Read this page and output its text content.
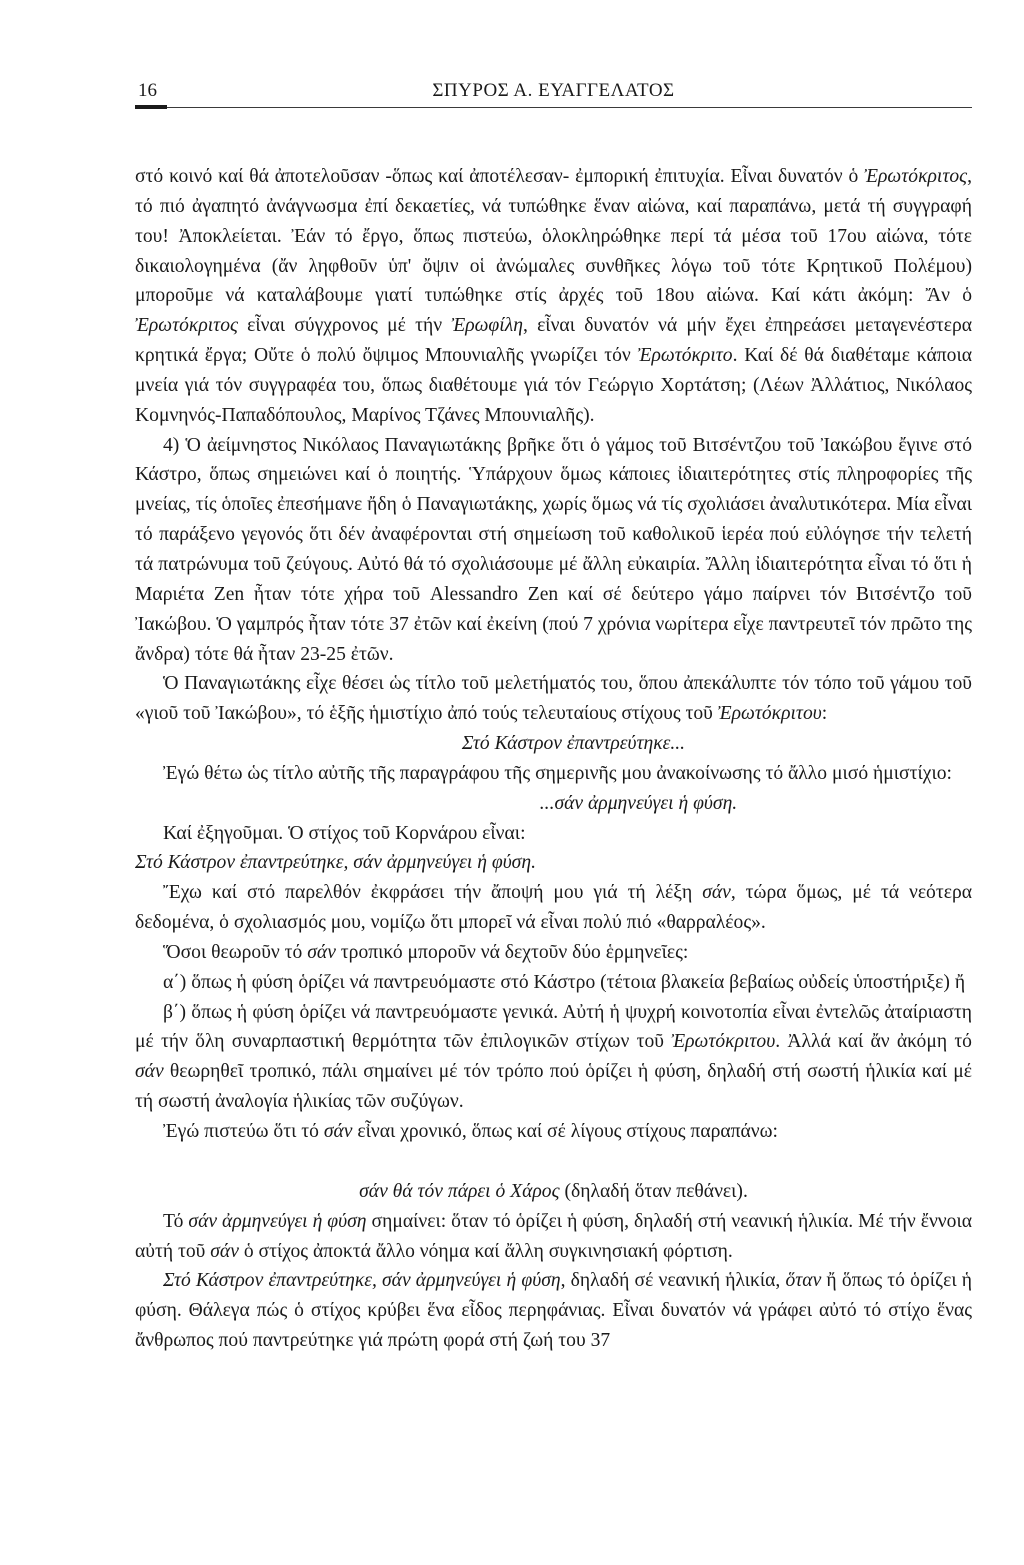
16	ΣΠΥΡΟΣ Α. ΕΥΑΓΓΕΛΑΤΟΣ

στό κοινό καί θά ἀποτελοῦσαν -ὅπως καί ἀποτέλεσαν- ἐμπορική ἐπιτυχία. Εἶναι δυνατόν ὁ Ἐρωτόκριτος, τό πιό ἀγαπητό ἀνάγνωσμα ἐπί δεκαετίες, νά τυπώθηκε ἕναν αἰώνα, καί παραπάνω, μετά τή συγγραφή του! Ἀποκλείεται. Ἐάν τό ἔργο, ὅπως πιστεύω, ὁλοκληρώθηκε περί τά μέσα τοῦ 17ου αἰώνα, τότε δικαιολογημένα (ἄν ληφθοῦν ὑπ' ὄψιν οἱ ἀνώμαλες συνθῆκες λόγω τοῦ τότε Κρητικοῦ Πολέμου) μποροῦμε νά καταλάβουμε γιατί τυπώθηκε στίς ἀρχές τοῦ 18ου αἰώνα. Καί κάτι ἀκόμη: Ἄν ὁ Ἐρωτόκριτος εἶναι σύγχρονος μέ τήν Ἐρωφίλη, εἶναι δυνατόν νά μήν ἔχει ἐπηρεάσει μεταγενέστερα κρητικά ἔργα; Οὔτε ὁ πολύ ὄψιμος Μπουνιαλῆς γνωρίζει τόν Ἐρωτόκριτο. Καί δέ θά διαθέταμε κάποια μνεία γιά τόν συγγραφέα του, ὅπως διαθέτουμε γιά τόν Γεώργιο Χορτάτση; (Λέων Ἀλλάτιος, Νικόλαος Κομνηνός-Παπαδόπουλος, Μαρίνος Τζάνες Μπουνιαλῆς).

4) Ὁ ἀείμνηστος Νικόλαος Παναγιωτάκης βρῆκε ὅτι ὁ γάμος τοῦ Βιτσέντζου τοῦ Ἰακώβου ἔγινε στό Κάστρο, ὅπως σημειώνει καί ὁ ποιητής. Ὑπάρχουν ὅμως κάποιες ἰδιαιτερότητες στίς πληροφορίες τῆς μνείας, τίς ὁποῖες ἐπεσήμανε ἤδη ὁ Παναγιωτάκης, χωρίς ὅμως νά τίς σχολιάσει ἀναλυτικότερα. Μία εἶναι τό παράξενο γεγονός ὅτι δέν ἀναφέρονται στή σημείωση τοῦ καθολικοῦ ἱερέα πού εὐλόγησε τήν τελετή τά πατρώνυμα τοῦ ζεύγους. Αὐτό θά τό σχολιάσουμε μέ ἄλλη εὐκαιρία. Ἄλλη ἰδιαιτερότητα εἶναι τό ὅτι ἡ Μαριέτα Zen ἦταν τότε χήρα τοῦ Alessandro Zen καί σέ δεύτερο γάμο παίρνει τόν Βιτσέντζο τοῦ Ἰακώβου. Ὁ γαμπρός ἦταν τότε 37 ἐτῶν καί ἐκείνη (πού 7 χρόνια νωρίτερα εἶχε παντρευτεῖ τόν πρῶτο της ἄνδρα) τότε θά ἦταν 23-25 ἐτῶν.

Ὁ Παναγιωτάκης εἶχε θέσει ὡς τίτλο τοῦ μελετήματός του, ὅπου ἀπεκάλυπτε τόν τόπο τοῦ γάμου τοῦ «γιοῦ τοῦ Ἰακώβου», τό ἑξῆς ἡμιστίχιο ἀπό τούς τελευταίους στίχους τοῦ Ἐρωτόκριτου:

Στό Κάστρον ἐπαντρεύτηκε...

Ἐγώ θέτω ὡς τίτλο αὐτῆς τῆς παραγράφου τῆς σημερινῆς μου ἀνακοίνωσης τό ἄλλο μισό ἡμιστίχιο:

...σάν ἀρμηνεύγει ἡ φύση.

Καί ἐξηγοῦμαι. Ὁ στίχος τοῦ Κορνάρου εἶναι:

Στό Κάστρον ἐπαντρεύτηκε, σάν ἀρμηνεύγει ἡ φύση.

Ἔχω καί στό παρελθόν ἐκφράσει τήν ἄποψή μου γιά τή λέξη σάν, τώρα ὅμως, μέ τά νεότερα δεδομένα, ὁ σχολιασμός μου, νομίζω ὅτι μπορεῖ νά εἶναι πολύ πιό «θαρραλέος».

Ὅσοι θεωροῦν τό σάν τροπικό μποροῦν νά δεχτοῦν δύο ἑρμηνεῖες:

α΄) ὅπως ἡ φύση ὁρίζει νά παντρευόμαστε στό Κάστρο (τέτοια βλακεία βεβαίως οὐδείς ὑποστήριξε) ἤ

β΄) ὅπως ἡ φύση ὁρίζει νά παντρευόμαστε γενικά. Αὐτή ἡ ψυχρή κοινοτοπία εἶναι ἐντελῶς ἀταίριαστη μέ τήν ὅλη συναρπαστική θερμότητα τῶν ἐπιλογικῶν στίχων τοῦ Ἐρωτόκριτου. Ἀλλά καί ἄν ἀκόμη τό σάν θεωρηθεῖ τροπικό, πάλι σημαίνει μέ τόν τρόπο πού ὁρίζει ἡ φύση, δηλαδή στή σωστή ἡλικία καί μέ τή σωστή ἀναλογία ἡλικίας τῶν συζύγων.

Ἐγώ πιστεύω ὅτι τό σάν εἶναι χρονικό, ὅπως καί σέ λίγους στίχους παραπάνω:

σάν θά τόν πάρει ὁ Χάρος (δηλαδή ὅταν πεθάνει).

Τό σάν ἀρμηνεύγει ἡ φύση σημαίνει: ὅταν τό ὁρίζει ἡ φύση, δηλαδή στή νεανική ἡλικία. Μέ τήν ἔννοια αὐτή τοῦ σάν ὁ στίχος ἀποκτά ἄλλο νόημα καί ἄλλη συγκινησιακή φόρτιση.

Στό Κάστρον ἐπαντρεύτηκε, σάν ἀρμηνεύγει ἡ φύση, δηλαδή σέ νεανική ἡλικία, ὅταν ἤ ὅπως τό ὁρίζει ἡ φύση. Θάλεγα πώς ὁ στίχος κρύβει ἕνα εἶδος περηφάνιας. Εἶναι δυνατόν νά γράφει αὐτό τό στίχο ἕνας ἄνθρωπος πού παντρεύτηκε γιά πρώτη φορά στή ζωή του 37
